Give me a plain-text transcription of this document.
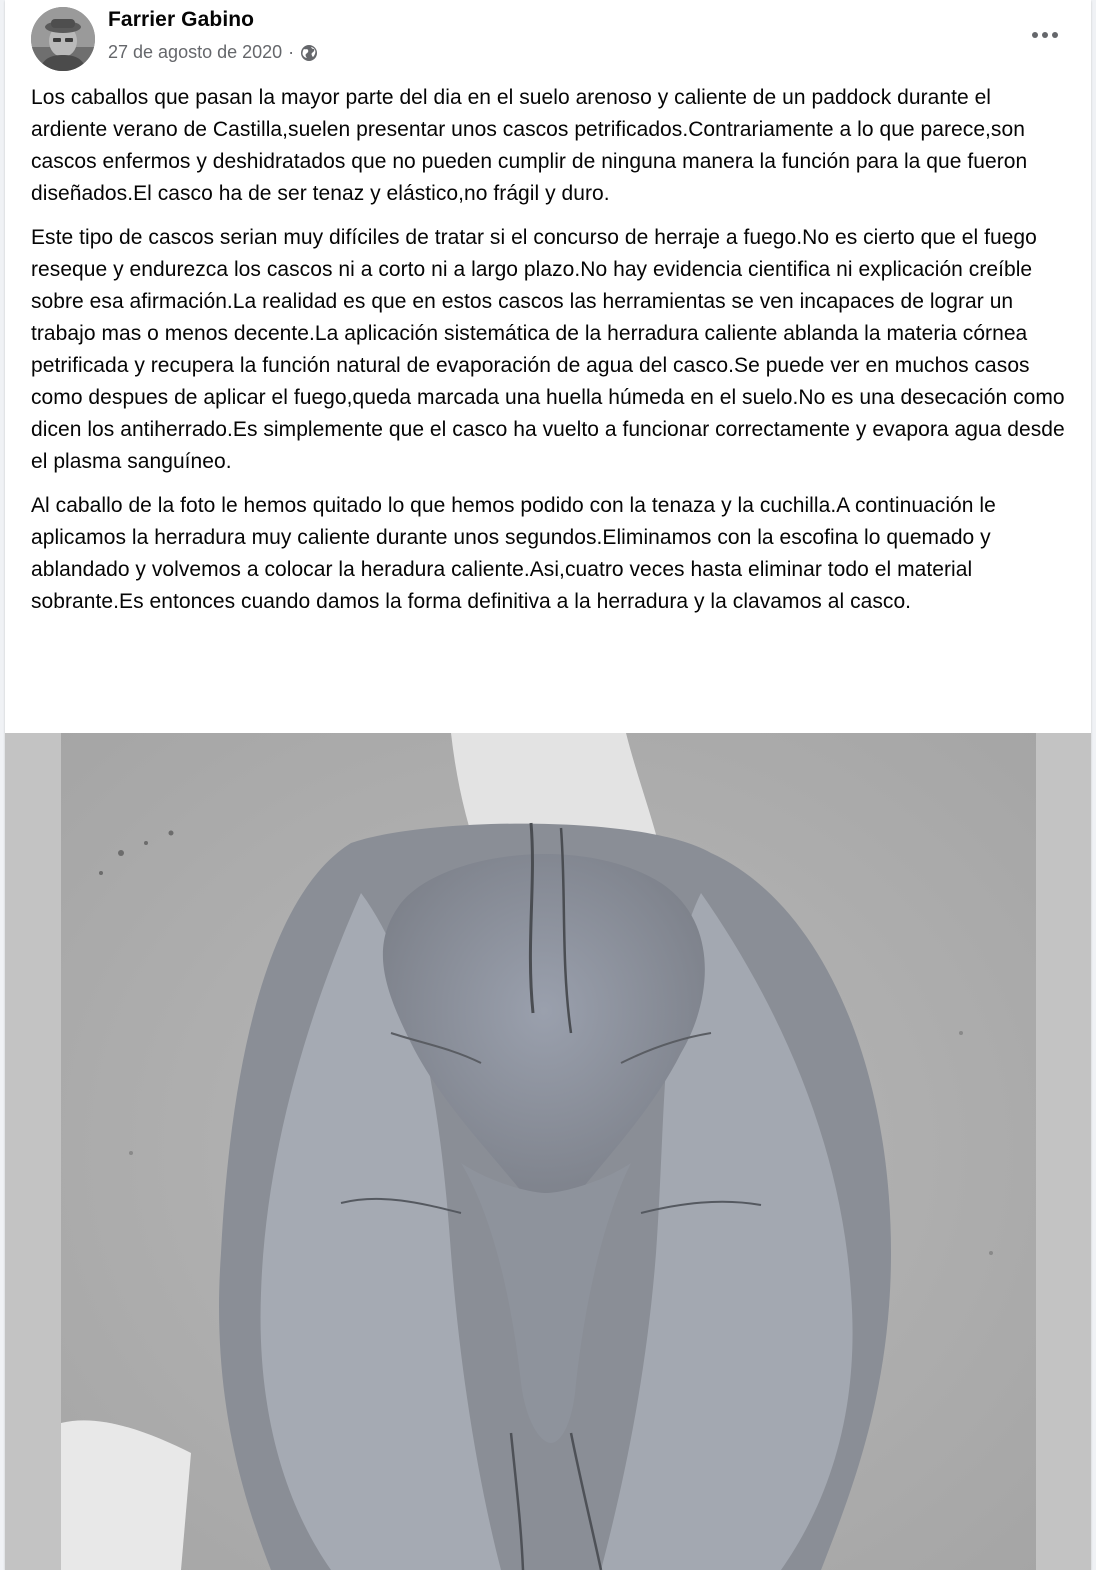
Farrier Gabino
27 de agosto de 2020 ·

Los caballos que pasan la mayor parte del dia en el suelo arenoso y caliente de un paddock durante el ardiente verano de Castilla,suelen presentar unos cascos petrificados.Contrariamente a lo que parece,son cascos enfermos y deshidratados que no pueden cumplir de ninguna manera la función para la que fueron diseñados.El casco ha de ser tenaz y elástico,no frágil y duro.

Este tipo de cascos serian muy difíciles de tratar si el concurso de herraje a fuego.No es cierto que el fuego reseque y endurezca los cascos ni a corto ni a largo plazo.No hay evidencia cientifica ni explicación creíble sobre esa afirmación.La realidad es que en estos cascos las herramientas se ven incapaces de lograr un trabajo mas o menos decente.La aplicación sistemática de la herradura caliente ablanda la materia córnea petrificada y recupera la función natural de evaporación de agua del casco.Se puede ver en muchos casos como despues de aplicar el fuego,queda marcada una huella húmeda en el suelo.No es una desecación como dicen los antiherrado.Es simplemente que el casco ha vuelto a funcionar correctamente y evapora agua desde el plasma sanguíneo.

Al caballo de la foto le hemos quitado lo que hemos podido con la tenaza y la cuchilla.A continuación le aplicamos la herradura muy caliente durante unos segundos.Eliminamos con la escofina lo quemado y ablandado y volvemos a colocar la heradura caliente.Asi,cuatro veces hasta eliminar todo el material sobrante.Es entonces cuando damos la forma definitiva a la herradura y la clavamos al casco.
